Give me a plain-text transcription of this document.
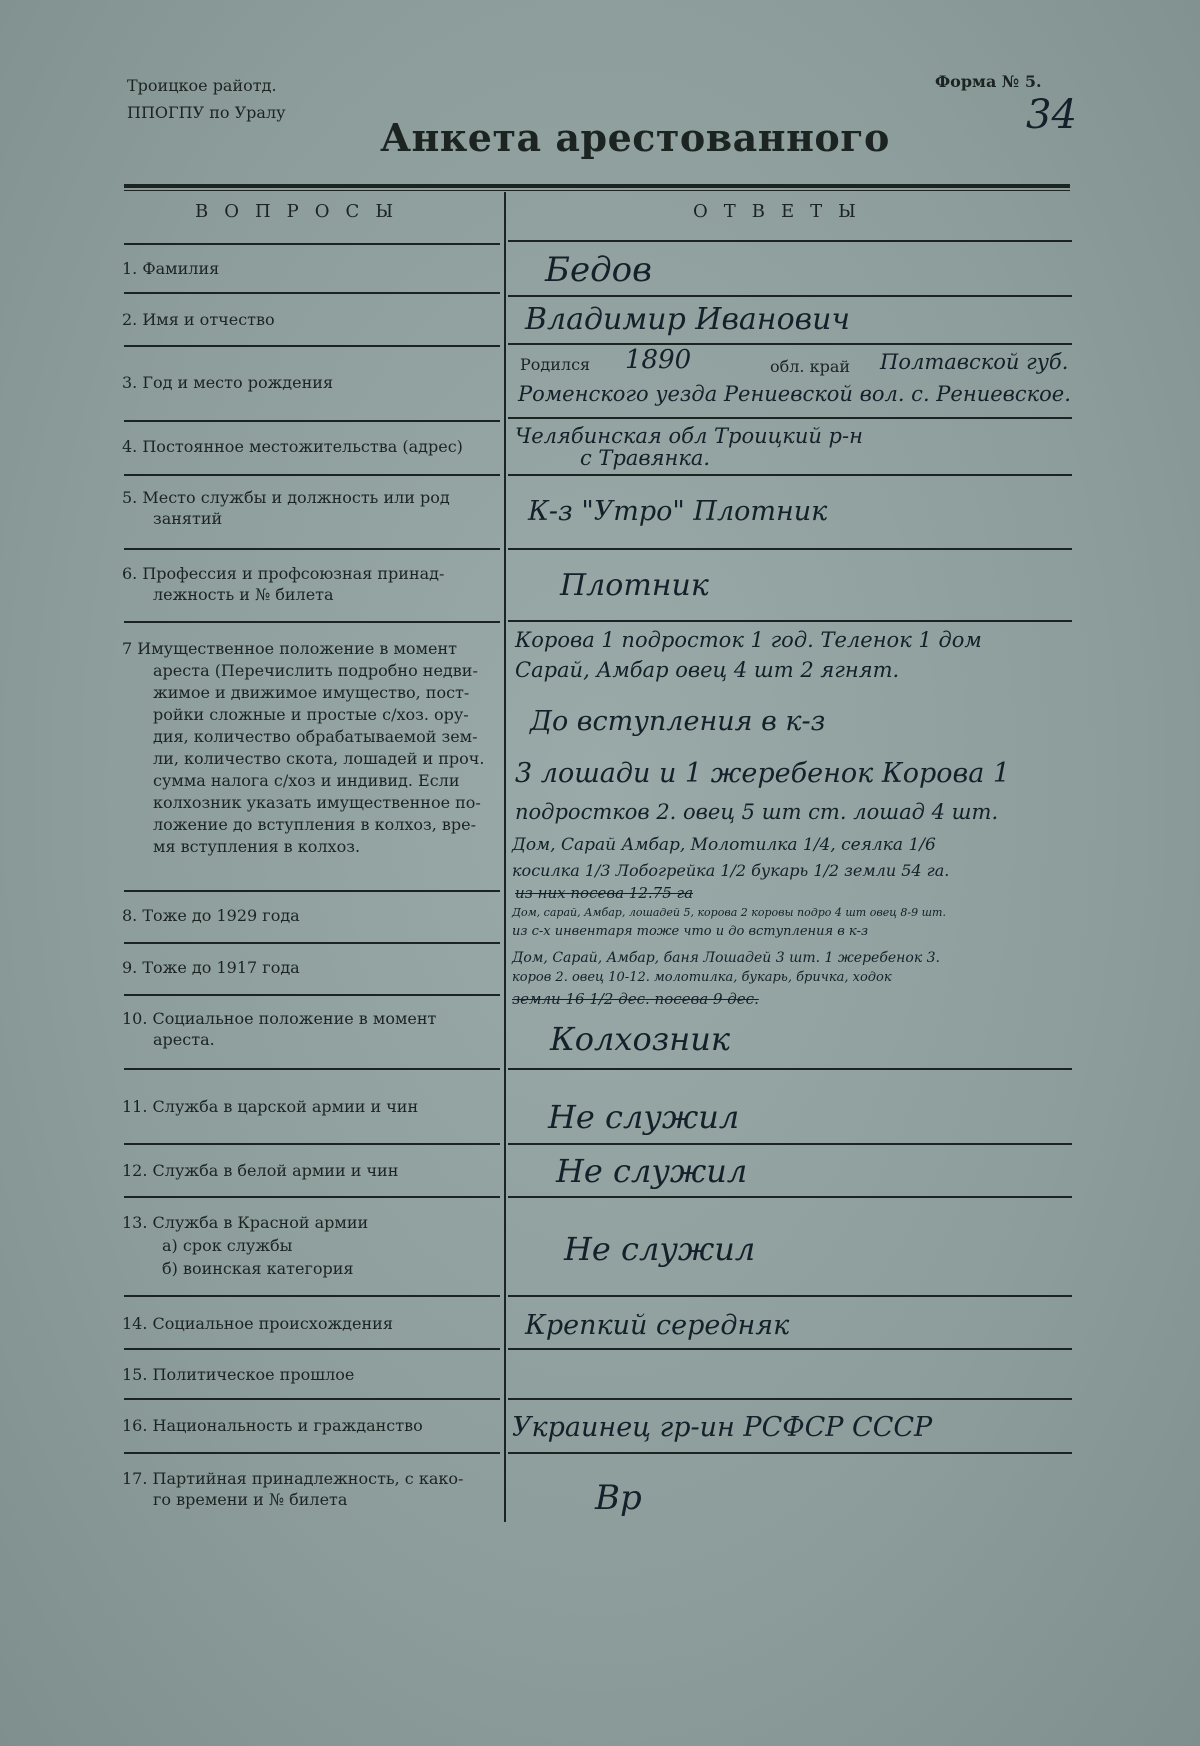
Троицкое райотд.
ППОГПУ по Уралу
Форма № 5.
34
Анкета арестованного
ВОПРОСЫ	ОТВЕТЫ
1. Фамилия
2. Имя и отчество
3. Год и место рождения
4. Постоянное местожительства (адрес)
5. Место службы и должность или род
занятий
6. Профессия и профсоюзная принад-
лежность и № билета
7 Имущественное положение в момент
ареста (Перечислить подробно недви-
жимое и движимое имущество, пост-
ройки сложные и простые с/хоз. ору-
дия, количество обрабатываемой зем-
ли, количество скота, лошадей и проч.
сумма налога с/хоз и индивид. Если
колхозник указать имущественное по-
ложение до вступления в колхоз, вре-
мя вступления в колхоз.
8. Тоже до 1929 года
9. Тоже до 1917 года
10. Социальное положение в момент
ареста.
11. Служба в царской армии и чин
12. Служба в белой армии и чин
13. Служба в Красной армии
а) срок службы
б) воинская категория
14. Социальное происхождения
15. Политическое прошлое
16. Национальность и гражданство
17. Партийная принадлежность, с како-
го времени и № билета
Бедов
Владимир Иванович
Родился 1890	обл. край Полтавской губ.
Роменского уезда Рениевской вол. с. Рениевское.
Челябинская обл Троицкий р-н
с Травянка.
К-з "Утро" Плотник
Плотник
Корова 1 подросток 1 год. Теленок 1 дом
Сарай, Амбар овец 4 шт 2 ягнят.
До вступления в к-з
3 лошади и 1 жеребенок Корова 1
подростков 2. овец 5 шт ст. лошад 4 шт.
Дом, Сарай Амбар, Молотилка 1/4, сеялка 1/6
косилка 1/3 Лобогрейка 1/2 букарь 1/2 земли 54 га.
из них посева 12.75 га
Дом, сарай, Амбар, лошадей 5, корова 2 коровы подро 4 шт овец 8-9 шт.
из с-х инвентаря тоже что и до вступления в к-з
Дом, Сарай, Амбар, баня Лошадей 3 шт. 1 жеребенок 3.
коров 2. овец 10-12. молотилка, букарь, бричка, ходок
земли 16 1/2 дес. посева 9 дес.
Колхозник
Не служил
Не служил
Не служил
Крепкий середняк
Украинец гр-ин РСФСР СССР
Вр
